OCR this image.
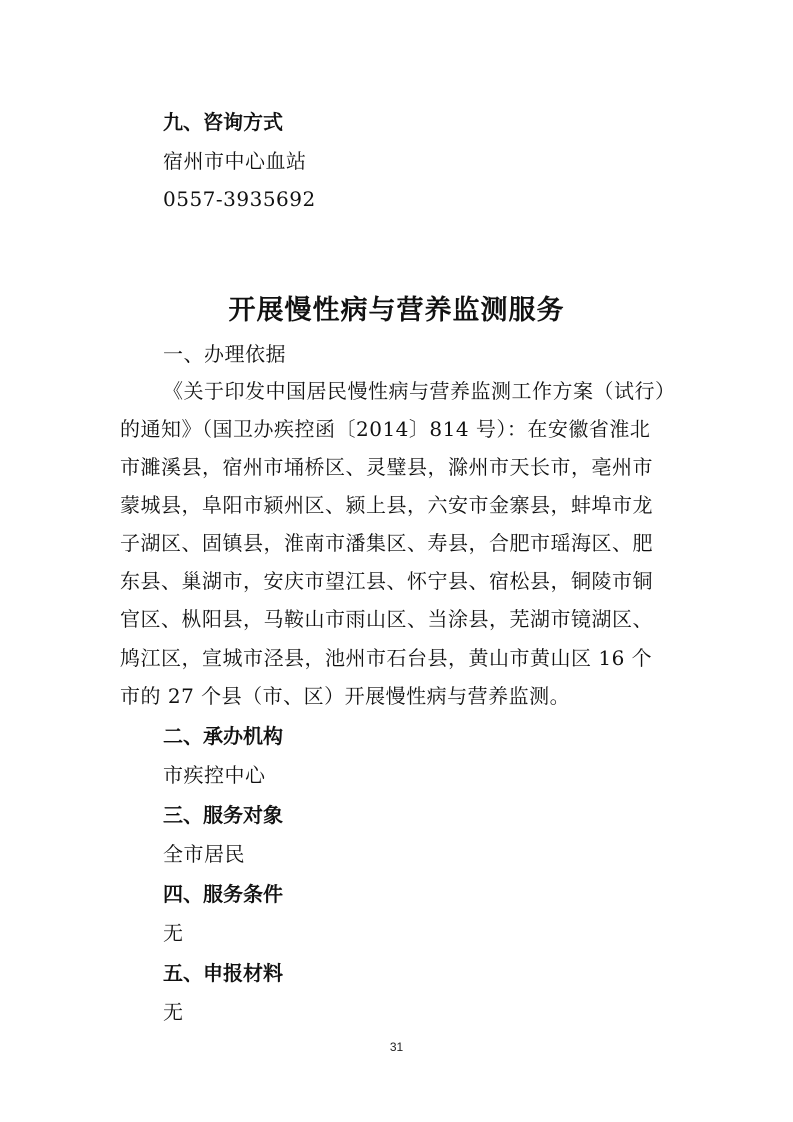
九、咨询方式
宿州市中心血站
0557-3935692
开展慢性病与营养监测服务
一、办理依据
《关于印发中国居民慢性病与营养监测工作方案（试行）
的通知》（国卫办疾控函〔2014〕814 号）：在安徽省淮北
市濉溪县，宿州市埇桥区、灵璧县，滁州市天长市，亳州市
蒙城县，阜阳市颍州区、颍上县，六安市金寨县，蚌埠市龙
子湖区、固镇县，淮南市潘集区、寿县，合肥市瑶海区、肥
东县、巢湖市，安庆市望江县、怀宁县、宿松县，铜陵市铜
官区、枞阳县，马鞍山市雨山区、当涂县，芜湖市镜湖区、
鸠江区，宣城市泾县，池州市石台县，黄山市黄山区 16 个
市的 27 个县（市、区）开展慢性病与营养监测。
二、承办机构
市疾控中心
三、服务对象
全市居民
四、服务条件
无
五、申报材料
无
31
